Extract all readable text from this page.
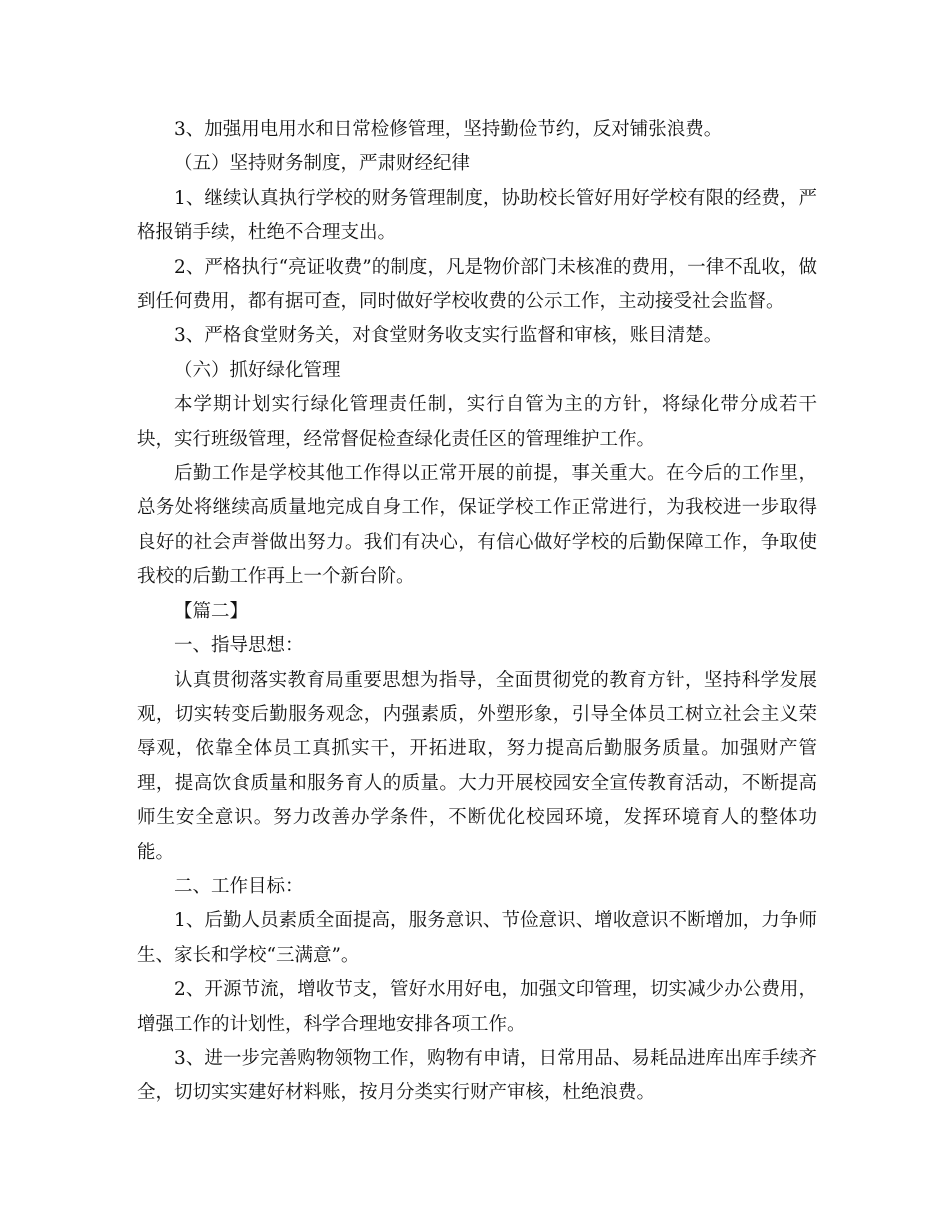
3、加强用电用水和日常检修管理，坚持勤俭节约，反对铺张浪费。

（五）坚持财务制度，严肃财经纪律

1、继续认真执行学校的财务管理制度，协助校长管好用好学校有限的经费，严格报销手续，杜绝不合理支出。

2、严格执行“亮证收费”的制度，凡是物价部门未核准的费用，一律不乱收，做到任何费用，都有据可查，同时做好学校收费的公示工作，主动接受社会监督。

3、严格食堂财务关，对食堂财务收支实行监督和审核，账目清楚。

（六）抓好绿化管理

本学期计划实行绿化管理责任制，实行自管为主的方针，将绿化带分成若干块，实行班级管理，经常督促检查绿化责任区的管理维护工作。

后勤工作是学校其他工作得以正常开展的前提，事关重大。在今后的工作里，总务处将继续高质量地完成自身工作，保证学校工作正常进行，为我校进一步取得良好的社会声誉做出努力。我们有决心，有信心做好学校的后勤保障工作，争取使我校的后勤工作再上一个新台阶。

【篇二】

一、指导思想：

认真贯彻落实教育局重要思想为指导，全面贯彻党的教育方针，坚持科学发展观，切实转变后勤服务观念，内强素质，外塑形象，引导全体员工树立社会主义荣辱观，依靠全体员工真抓实干，开拓进取，努力提高后勤服务质量。加强财产管理，提高饮食质量和服务育人的质量。大力开展校园安全宣传教育活动，不断提高师生安全意识。努力改善办学条件，不断优化校园环境，发挥环境育人的整体功能。

二、工作目标：

1、后勤人员素质全面提高，服务意识、节俭意识、增收意识不断增加，力争师生、家长和学校“三满意”。

2、开源节流，增收节支，管好水用好电，加强文印管理，切实减少办公费用，增强工作的计划性，科学合理地安排各项工作。

3、进一步完善购物领物工作，购物有申请，日常用品、易耗品进库出库手续齐全，切切实实建好材料账，按月分类实行财产审核，杜绝浪费。
